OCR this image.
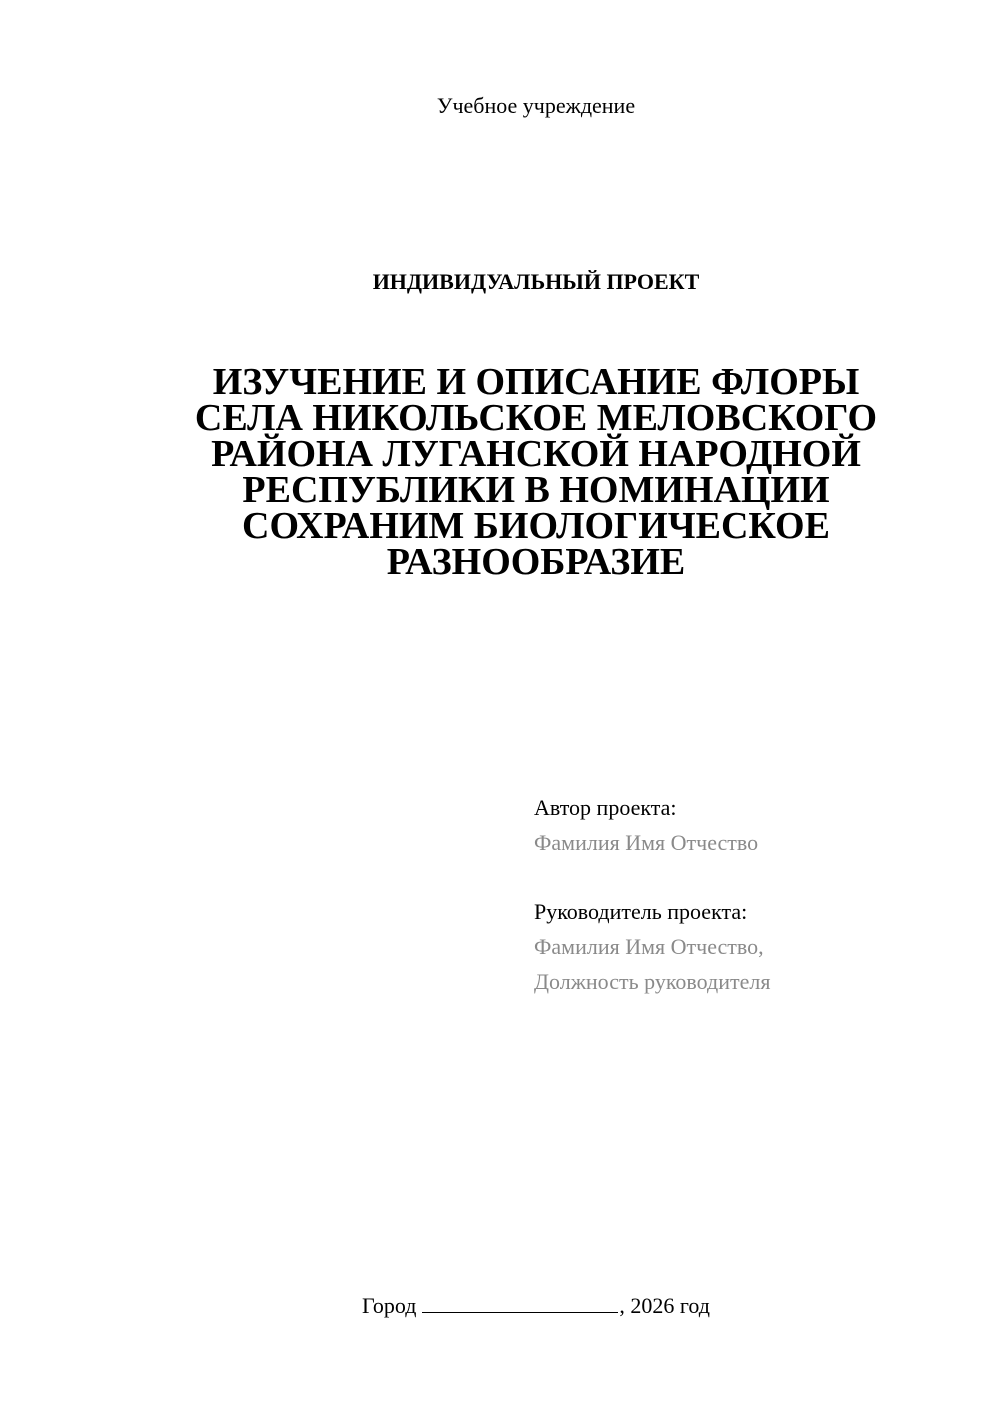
Учебное учреждение
ИНДИВИДУАЛЬНЫЙ ПРОЕКТ
ИЗУЧЕНИЕ И ОПИСАНИЕ ФЛОРЫ
СЕЛА НИКОЛЬСКОЕ МЕЛОВСКОГО
РАЙОНА ЛУГАНСКОЙ НАРОДНОЙ
РЕСПУБЛИКИ В НОМИНАЦИИ
СОХРАНИМ БИОЛОГИЧЕСКОЕ
РАЗНООБРАЗИЕ
Автор проекта:
Фамилия Имя Отчество
Руководитель проекта:
Фамилия Имя Отчество,
Должность руководителя
Город	, 2026 год
